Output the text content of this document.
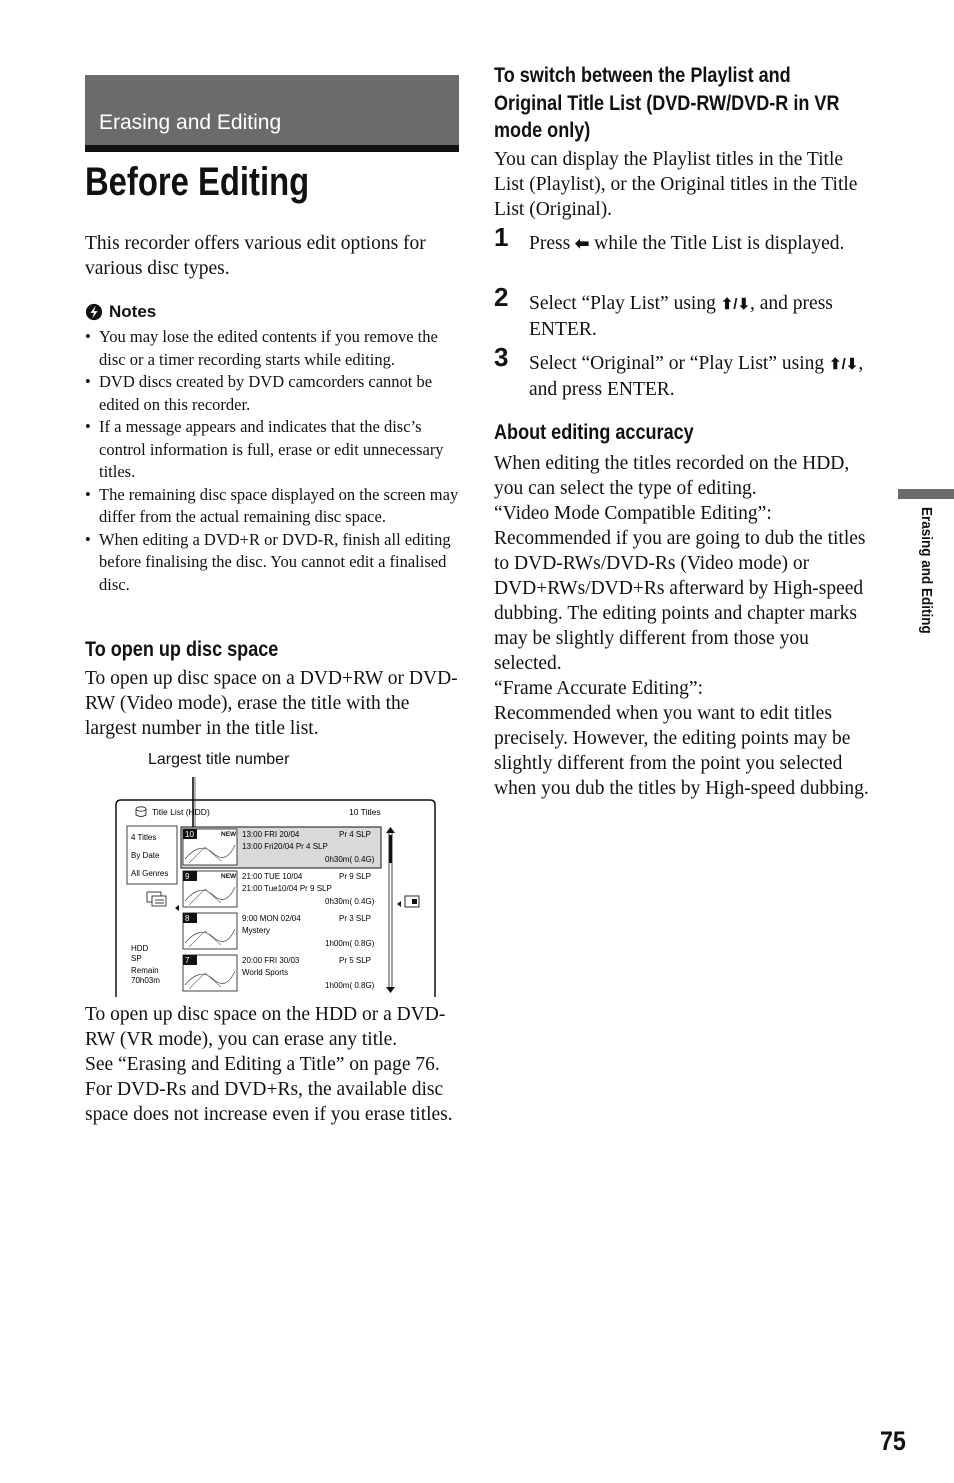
Erasing and Editing
Before Editing
This recorder offers various edit options for various disc types.
Notes
• You may lose the edited contents if you remove the disc or a timer recording starts while editing.
• DVD discs created by DVD camcorders cannot be edited on this recorder.
• If a message appears and indicates that the disc’s control information is full, erase or edit unnecessary titles.
• The remaining disc space displayed on the screen may differ from the actual remaining disc space.
• When editing a DVD+R or DVD-R, finish all editing before finalising the disc. You cannot edit a finalised disc.
To open up disc space
To open up disc space on a DVD+RW or DVD-RW (Video mode), erase the title with the largest number in the title list.
Largest title number
Title List (HDD)	10 Titles
4 Titles
By Date
All Genres
HDD
SP
Remain
70h03m
10	NEW 13:00 FRI 20/04	Pr 4 SLP
13:00 Fri20/04 Pr 4 SLP
0h30m( 0.4G)
9	NEW 21:00 TUE 10/04	Pr 9 SLP
21:00 Tue10/04 Pr 9 SLP
0h30m( 0.4G)
8	9:00 MON 02/04	Pr 3 SLP
Mystery
1h00m( 0.8G)
7	20:00 FRI 30/03	Pr 5 SLP
World Sports
1h00m( 0.8G)
To open up disc space on the HDD or a DVD-RW (VR mode), you can erase any title.
See “Erasing and Editing a Title” on page 76.
For DVD-Rs and DVD+Rs, the available disc space does not increase even if you erase titles.
To switch between the Playlist and
Original Title List (DVD-RW/DVD-R in VR
mode only)
You can display the Playlist titles in the Title List (Playlist), or the Original titles in the Title List (Original).
1 Press ⬅ while the Title List is displayed.
2 Select “Play List” using ⬆/⬇, and press ENTER.
3 Select “Original” or “Play List” using ⬆/⬇, and press ENTER.
About editing accuracy
When editing the titles recorded on the HDD, you can select the type of editing.
“Video Mode Compatible Editing”:
Recommended if you are going to dub the titles to DVD-RWs/DVD-Rs (Video mode) or DVD+RWs/DVD+Rs afterward by High-speed dubbing. The editing points and chapter marks may be slightly different from those you selected.
“Frame Accurate Editing”:
Recommended when you want to edit titles precisely. However, the editing points may be slightly different from the point you selected when you dub the titles by High-speed dubbing.
Erasing and Editing
75
